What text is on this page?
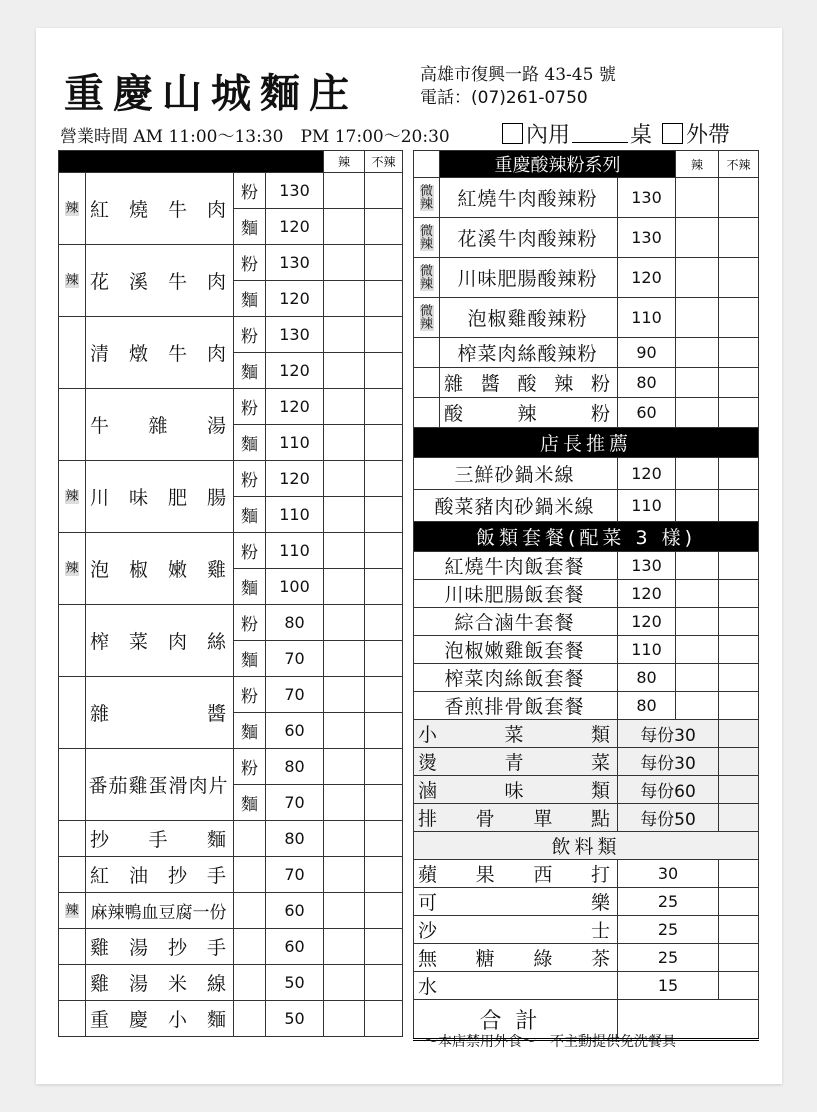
重慶山城麵庄	高雄市復興一路 43-45 號
電話：(07)261-0750
營業時間 AM 11:00～13:30　PM 17:00～20:30	內用	桌 外帶
				辣	不辣
辣	紅 燒 牛 肉	粉	130		
		麵	120		
辣	花 溪 牛 肉	粉	130		
		麵	120		

	清 燉 牛 肉	粉	130		
		麵	120		

	牛 雜 湯	粉	120		
		麵	110		
辣	川 味 肥 腸	粉	120		
		麵	110		
辣	泡 椒 嫩 雞	粉	110		
		麵	100		

	榨 菜 肉 絲	粉	80		
		麵	70		

	雜 醬	粉	70		
		麵	60		

番茄雞蛋滑肉片	粉	80		
		麵	70		

	抄 手 麵		80		

	紅 油 抄 手		70		
辣	麻辣鴨血豆腐一份		60		

	雞 湯 抄 手		60		

	雞 湯 米 線		50		

	重 慶 小 麵		50		
	重慶酸辣粉系列		辣	不辣
微辣	紅燒牛肉酸辣粉	130		
微辣	花溪牛肉酸辣粉	130		
微辣	川味肥腸酸辣粉	120		
微辣	泡椒雞酸辣粉	110		

榨菜肉絲酸辣粉	90		

	雜 醬 酸 辣 粉	80		

	酸 辣 粉	60		
店長推薦				

三鮮砂鍋米線		120		

酸菜豬肉砂鍋米線		110		
飯類套餐(配菜 3 樣)				

紅燒牛肉飯套餐		130		

川味肥腸飯套餐		120		

綜合滷牛套餐		120		

泡椒嫩雞飯套餐		110		

榨菜肉絲飯套餐		80		

香煎排骨飯套餐		80		

小 菜 類		每份30		

燙 青 菜		每份30		

滷 味 類		每份60		

排 骨 單 點		每份50		
飲料類				

蘋 果 西 打		30		

可 樂		25		

沙 士		25		

無 糖 綠 茶		25		

水		15		
合計				
～本店禁用外食～　不主動提供免洗餐具
